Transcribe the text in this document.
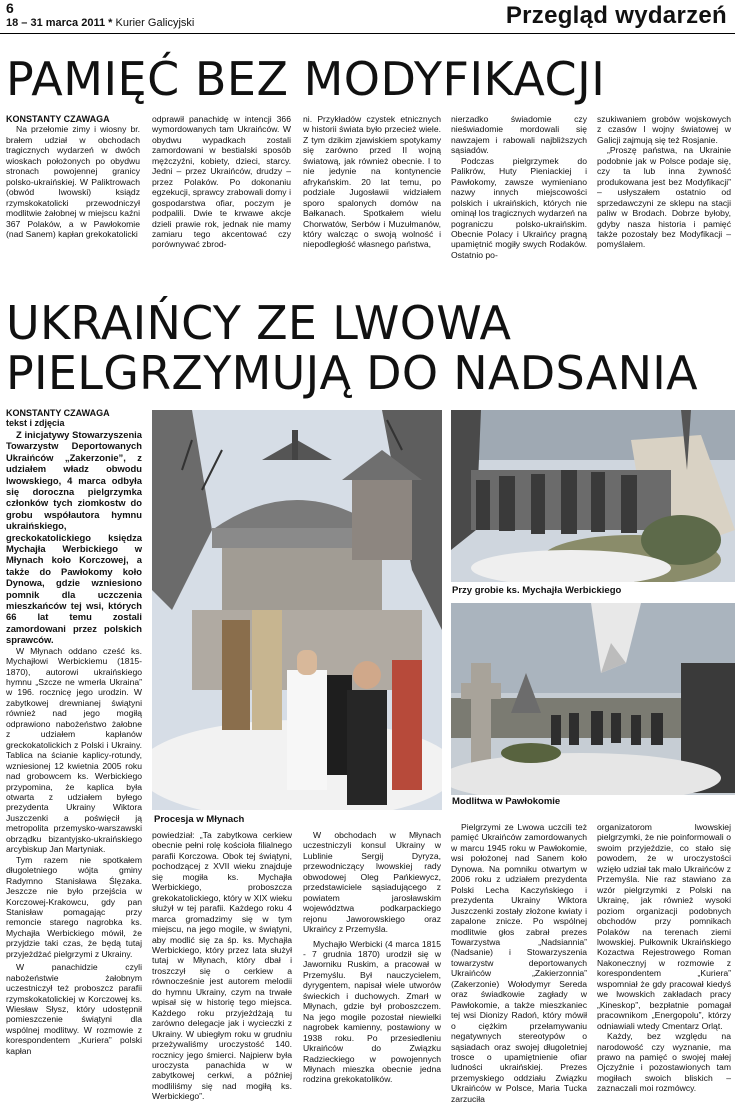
6
18 – 31 marca 2011 * Kurier Galicyjski	Przegląd wydarzeń
PAMIĘĆ BEZ MODYFIKACJI

KONSTANTY CZAWAGA

Na przełomie zimy i wiosny br. brałem udział w obchodach tragicznych wydarzeń w dwóch wioskach położonych po obydwu stronach powojennej granicy polsko-ukraińskiej. W Paliktrowach (obwód lwowski) ksiądz rzymskokatolicki przewodniczył modlitwie żałobnej w miejscu kaźni 367 Polaków, a w Pawłokomie (nad Sanem) kapłan grekokatolicki

odprawił panachidę w intencji 366 wymordowanych tam Ukraińców. W obydwu wypadkach zostali zamordowani w bestialski sposób mężczyźni, kobiety, dzieci, starcy. Jedni – przez Ukraińców, drudzy – przez Polaków. Po dokonaniu egzekucji, sprawcy zrabowali domy i gospodarstwa ofiar, poczym je podpalili. Dwie te krwawe akcje dzieli prawie rok, jednak nie mamy zamiaru tego akcentować czy porównywać zbrod-

ni. Przykładów czystek etnicznych w historii świata było przecież wiele. Z tym dzikim zjawiskiem spotykamy się zarówno przed II wojną światową, jak również obecnie. I to nie jedynie na kontynencie afrykańskim. 20 lat temu, po podziale Jugosławii widziałem sporo spalonych domów na Bałkanach. Spotkałem wielu Chorwatów, Serbów i Muzułmanów, który walcząc o swoją wolność i niepodległość własnego państwa,

nierzadko świadomie czy nieświadomie mordowali się nawzajem i rabowali najbliższych sąsiadów.

Podczas pielgrzymek do Palikrów, Huty Pieniackiej i Pawłokomy, zawsze wymieniano nazwy innych miejscowości polskich i ukraińskich, których nie ominął los tragicznych wydarzeń na pograniczu polsko-ukraińskim. Obecnie Polacy i Ukraińcy pragną upamiętnić mogiły swych Rodaków. Ostatnio po-

szukiwaniem grobów wojskowych z czasów I wojny światowej w Galicji zajmują się też Rosjanie.

„Proszę państwa, na Ukrainie podobnie jak w Polsce podaje się, czy ta lub inna żywność produkowana jest bez Modyfikacji” – usłyszałem ostatnio od sprzedawczyni ze sklepu na stacji paliw w Brodach. Dobrze byłoby, gdyby nasza historia i pamięć także pozostały bez Modyfikacji – pomyślałem.

UKRAIŃCY ZE LWOWA
PIELGRZYMUJĄ DO NADSANIA

KONSTANTY CZAWAGA

tekst i zdjęcia

Z inicjatywy Stowarzyszenia Towarzystw Deportowanych Ukraińców „Zakerzonie”, z udziałem władz obwodu lwowskiego, 4 marca odbyła się doroczna pielgrzymka członków tych ziomkostw do grobu współautora hymnu ukraińskiego, greckokatolickiego księdza Mychajła Werbickiego w Młynach koło Korczowej, a także do Pawłokomy koło Dynowa, gdzie wzniesiono pomnik dla uczczenia mieszkańców tej wsi, których 66 lat temu zostali zamordowani przez polskich sprawców.

W Młynach oddano cześć ks. Mychajłowi Werbickiemu (1815-1870), autorowi ukraińskiego hymnu „Szcze ne wmerła Ukraina” w 196. rocznicę jego urodzin. W zabytkowej drewnianej świątyni również nad jego mogiłą odprawiono nabożeństwo żałobne z udziałem kapłanów greckokatolickich z Polski i Ukrainy. Tablica na ścianie kaplicy-rotundy, wzniesionej 12 kwietnia 2005 roku nad grobowcem ks. Werbickiego przypomina, że kaplica była otwarta z udziałem byłego prezydenta Ukrainy Wiktora Juszczenki a poświęcił ją metropolita przemysko-warszawski obrządku bizantyjsko-ukraińskiego arcybiskup Jan Martyniak.

Tym razem nie spotkałem długoletniego wójta gminy Radymno Stanisława Ślęzaka. Jeszcze nie było przejścia w Korczowej-Krakowcu, gdy pan Stanisław pomagając przy remoncie starego nagrobka ks. Mychajła Werbickiego mówił, że przyjdzie taki czas, że będą tutaj przyjeżdżać pielgrzymi z Ukrainy.

W panachidzie czyli nabożeństwie żałobnym uczestniczył też proboszcz parafii rzymskokatolickiej w Korczowej ks. Wiesław Słysz, który udostępnił pomieszczenie świątyni dla wspólnej modlitwy. W rozmowie z korespondentem „Kuriera” polski kapłan

Procesja w Młynach
Przy grobie ks. Mychajła Werbickiego
Modlitwa w Pawłokomie

powiedział: „Ta zabytkowa cerkiew obecnie pełni rolę kościoła filialnego parafii Korczowa. Obok tej świątyni, pochodzącej z XVII wieku znajduje się mogiła ks. Mychajła Werbickiego, proboszcza grekokatolickiego, który w XIX wieku służył w tej parafii. Każdego roku 4 marca gromadzimy się w tym miejscu, na jego mogile, w świątyni, aby modlić się za śp. ks. Mychajła Werbickiego, który przez lata służył tutaj w Młynach, który dbał i troszczył się o cerkiew a równocześnie jest autorem melodii do hymnu Ukrainy, czym na trwałe wpisał się w historię tego miejsca. Każdego roku przyjeżdżają tu zarówno delegacje jak i wycieczki z Ukrainy. W ubiegłym roku w grudniu przeżywaliśmy uroczystość 140. rocznicy jego śmierci. Najpierw była uroczysta panachida w w zabytkowej cerkwi, a później modliliśmy się nad mogiłą ks. Werbickiego”.

W obchodach w Młynach uczestniczyli konsul Ukrainy w Lublinie Sergij Dyryza, przewodniczący lwowskiej rady obwodowej Oleg Pańkiewycz, przedstawiciele sąsiadującego z powiatem jarosławskim województwa podkarpackiego rejonu Jaworowskiego oraz Ukraińcy z Przemyśla.

Mychajło Werbicki (4 marca 1815 - 7 grudnia 1870) urodził się w Jaworniku Ruskim, a pracował w Przemyślu. Był nauczycielem, dyrygentem, napisał wiele utworów świeckich i duchowych. Zmarł w Młynach, gdzie był proboszczem. Na jego mogile pozostał niewielki nagrobek kamienny, postawiony w 1938 roku. Po przesiedleniu Ukraińców do Związku Radzieckiego w powojennych Młynach mieszka obecnie jedna rodzina grekokatolików.

Pielgrzymi ze Lwowa uczcili też pamięć Ukraińców zamordowanych w marcu 1945 roku w Pawłokomie, wsi położonej nad Sanem koło Dynowa. Na pomniku otwartym w 2006 roku z udziałem prezydenta Polski Lecha Kaczyńskiego i prezydenta Ukrainy Wiktora Juszczenki zostały złożone kwiaty i zapalone znicze. Po wspólnej modlitwie głos zabrał prezes Towarzystwa „Nadsiannia” (Nadsanie) i Stowarzyszenia towarzystw deportowanych Ukraińców „Zakierzonnia” (Zakerzonie) Wołodymyr Sereda oraz świadkowie zagłady w Pawłokomie, a także mieszkaniec tej wsi Dionizy Radoń, który mówił o ciężkim przełamywaniu negatywnych stereotypów o sąsiadach oraz swojej długoletniej trosce o upamiętnienie ofiar ludności ukraińskiej. Prezes przemyskiego oddziału Związku Ukraińców w Polsce, Maria Tucka zarzuciła

organizatorom lwowskiej pielgrzymki, że nie poinformowali o swoim przyjeździe, co stało się powodem, że w uroczystości wzięło udział tak mało Ukraińców z Przemyśla. Nie raz stawiano za wzór pielgrzymki z Polski na Ukrainę, jak również wysoki poziom organizacji podobnych obchodów przy pomnikach Polaków na terenach ziemi lwowskiej. Pułkownik Ukraińskiego Kozactwa Rejestrowego Roman Nakonecznyj w rozmowie z korespondentem „Kuriera” wspomniał że gdy pracował kiedyś we lwowskich zakładach pracy „Kineskop”, bezpłatnie pomagał pracownikom „Energopolu”, którzy odniawiali wtedy Cmentarz Orląt.

Każdy, bez względu na narodowość czy wyznanie, ma prawo na pamięć o swojej małej Ojczyźnie i pozostawionych tam mogiłach swoich bliskich – zaznaczali moi rozmówcy.
